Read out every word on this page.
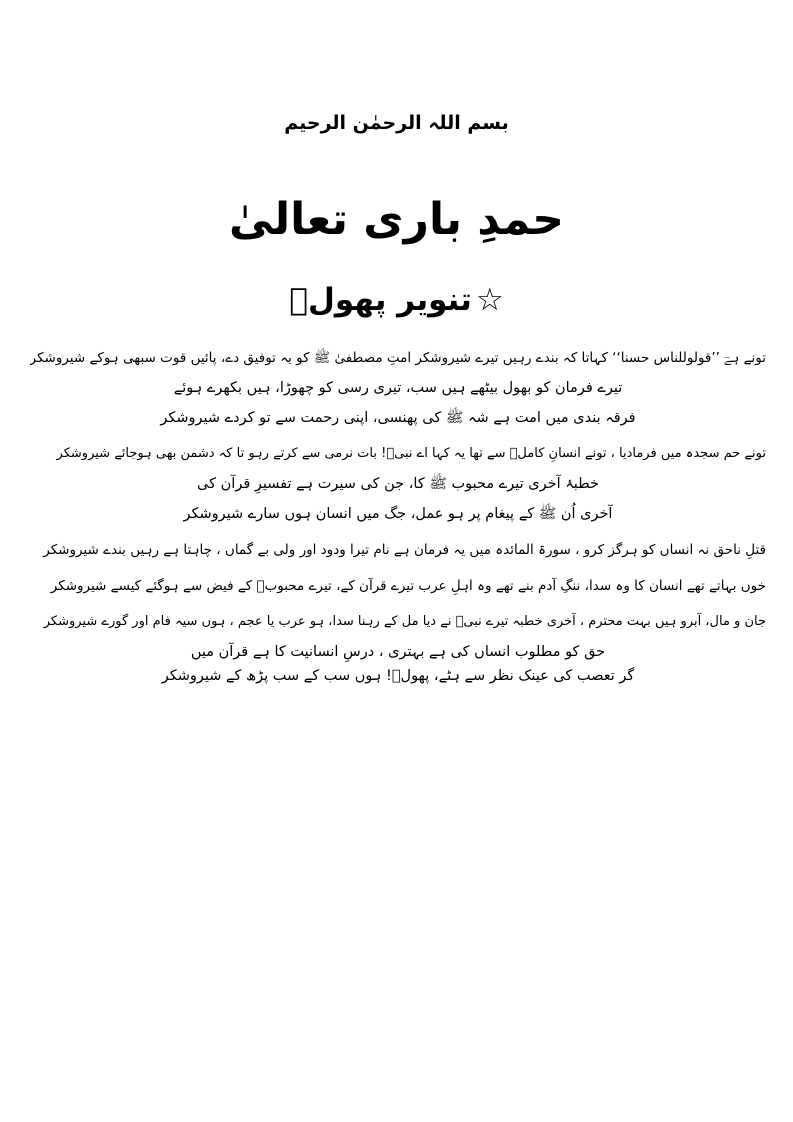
بسم اللہ الرحمٰن الرحیم
حمدِ باری تعالیٰ
☆تنویر پھولؔ
تونے ہےؔ ’’قولوللناس حسنا‘‘ کہاتا کہ بندے رہیں تیرے شیروشکر امتِ مصطفیٰ ﷺ کو یہ توفیق دے، پائیں قوت سبھی ہوکے شیروشکر
تیرے فرمان کو بھول بیٹھے ہیں سب، تیری رسی کو چھوڑا، ہیں بکھرے ہوئے
فرقہ بندی میں امت ہے شہ ﷺ کی پھنسی، اپنی رحمت سے تو کردے شیروشکر
تونے حم سجدہ میں فرمادیا ، تونے انسانِ کاملؐ سے تھا یہ کہا اے نبیؐ! بات نرمی سے کرتے رہو تا کہ دشمن بھی ہوجائے شیروشکر
خطبۂ آخری تیرے محبوب ﷺ کا، جن کی سیرت ہے تفسیرِ قرآن کی
آخری اُن ﷺ کے پیغام پر ہو عمل، جگ میں انسان ہوں سارے شیروشکر
قتلِ ناحق نہ انساں کو ہرگز کرو ، سورۃ المائدہ میں یہ فرمان ہے نام تیرا ودود اور ولی بے گماں ، چاہتا ہے رہیں بندے شیروشکر
خوں بہاتے تھے انسان کا وہ سدا، ننگِ آدم بنے تھے وہ اہلِ عرب تیرے قرآن کے، تیرے محبوبؐ کے فیض سے ہوگئے کیسے شیروشکر
جان و مال، آبرو ہیں بہت محترم ، آخری خطبہ تیرے نبیؐ نے دیا مل کے رہنا سدا، ہو عرب یا عجم ، ہوں سیہ فام اور گورے شیروشکر
حق کو مطلوب انساں کی ہے بہتری ، درسِ انسانیت کا ہے قرآن میں
گر تعصب کی عینک نظر سے ہٹے، پھولؔ! ہوں سب کے سب پڑھ کے شیروشکر
